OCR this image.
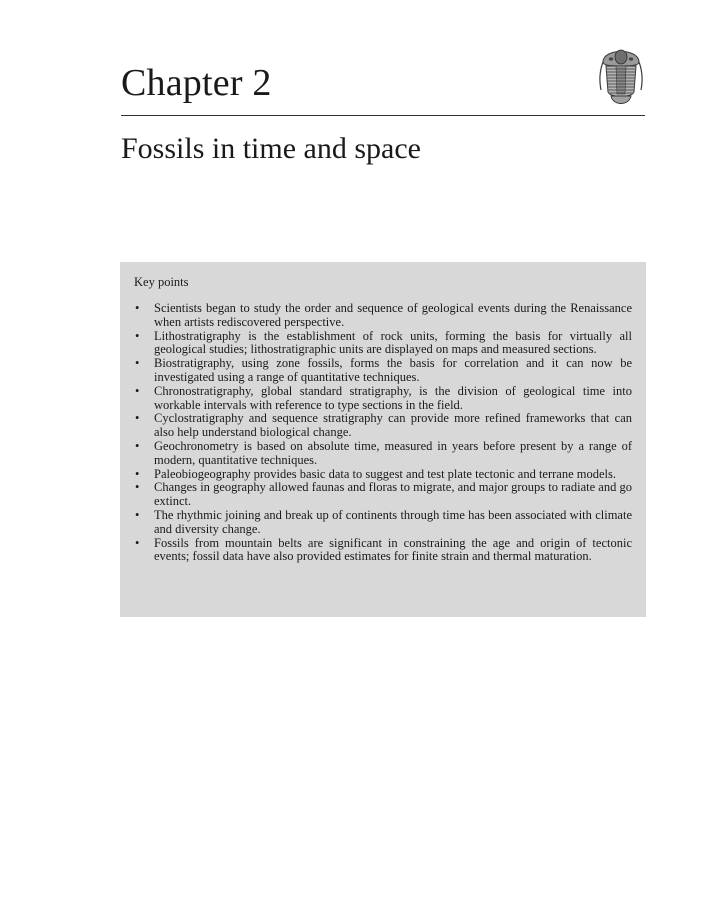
Chapter 2
Fossils in time and space
Key points
•	Scientists began to study the order and sequence of geological events during the Renaissance when artists rediscovered perspective.
•	Lithostratigraphy is the establishment of rock units, forming the basis for virtually all geological studies; lithostratigraphic units are displayed on maps and measured sections.
•	Biostratigraphy, using zone fossils, forms the basis for correlation and it can now be investigated using a range of quantitative techniques.
•	Chronostratigraphy, global standard stratigraphy, is the division of geological time into workable intervals with reference to type sections in the field.
•	Cyclostratigraphy and sequence stratigraphy can provide more refined frameworks that can also help understand biological change.
•	Geochronometry is based on absolute time, measured in years before present by a range of modern, quantitative techniques.
•	Paleobiogeography provides basic data to suggest and test plate tectonic and terrane models.
•	Changes in geography allowed faunas and floras to migrate, and major groups to radiate and go extinct.
•	The rhythmic joining and break up of continents through time has been associated with climate and diversity change.
•	Fossils from mountain belts are significant in constraining the age and origin of tectonic events; fossil data have also provided estimates for finite strain and thermal maturation.
